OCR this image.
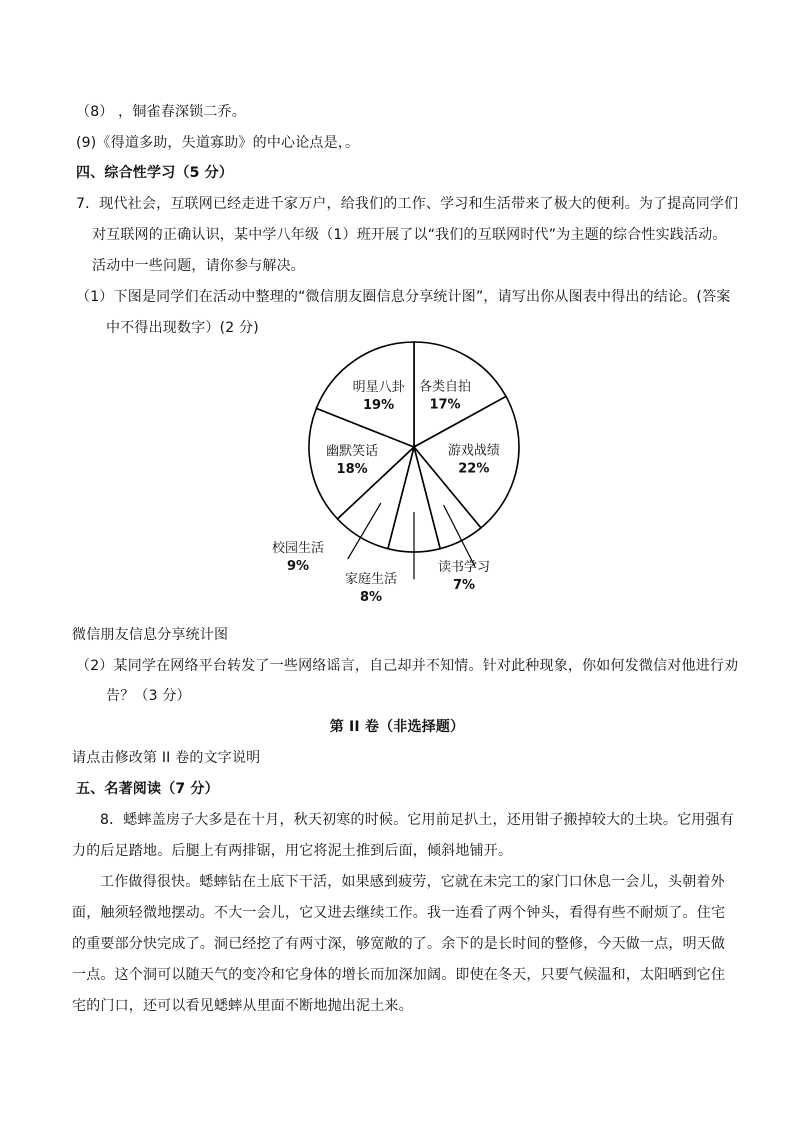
（8） ，铜雀春深锁二乔。
(9)《得道多助，失道寡助》的中心论点是，。
四、综合性学习（5 分）
7．现代社会，互联网已经走进千家万户，给我们的工作、学习和生活带来了极大的便利。为了提高同学们
对互联网的正确认识，某中学八年级（1）班开展了以“我们的互联网时代”为主题的综合性实践活动。
活动中一些问题，请你参与解决。
（1）下图是同学们在活动中整理的“微信朋友圈信息分享统计图”，请写出你从图表中得出的结论。(答案
中不得出现数字）(2 分)
各类自拍
17%
游戏战绩
22%
读书学习
7%
家庭生活
8%
校园生活
9%
幽默笑话
18%
明星八卦
19%
微信朋友信息分享统计图
（2）某同学在网络平台转发了一些网络谣言，自己却并不知情。针对此种现象，你如何发微信对他进行劝
告？（3 分）
第 II 卷（非选择题）
请点击修改第 II 卷的文字说明
五、名著阅读（7 分）
8．蟋蟀盖房子大多是在十月，秋天初寒的时候。它用前足扒土，还用钳子搬掉较大的土块。它用强有
力的后足踏地。后腿上有两排锯，用它将泥土推到后面，倾斜地铺开。
工作做得很快。蟋蟀钻在土底下干活，如果感到疲劳，它就在未完工的家门口休息一会儿，头朝着外
面，触须轻微地摆动。不大一会儿，它又进去继续工作。我一连看了两个钟头，看得有些不耐烦了。住宅
的重要部分快完成了。洞已经挖了有两寸深，够宽敞的了。余下的是长时间的整修，今天做一点，明天做
一点。这个洞可以随天气的变冷和它身体的增长而加深加阔。即使在冬天，只要气候温和，太阳晒到它住
宅的门口，还可以看见蟋蟀从里面不断地抛出泥土来。
